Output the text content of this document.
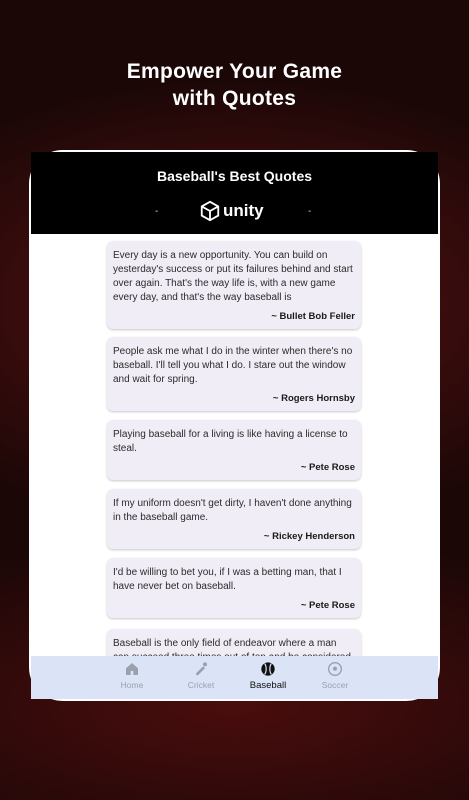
Empower Your Game
with Quotes
Baseball's Best Quotes
-	unity	-
Every day is a new opportunity. You can build on yesterday's success or put its failures behind and start over again. That's the way life is, with a new game every day, and that's the way baseball is
~ Bullet Bob Feller
People ask me what I do in the winter when there's no baseball. I'll tell you what I do. I stare out the window and wait for spring.
~ Rogers Hornsby
Playing baseball for a living is like having a license to steal.
~ Pete Rose
If my uniform doesn't get dirty, I haven't done anything in the baseball game.
~ Rickey Henderson
I'd be willing to bet you, if I was a betting man, that I have never bet on baseball.
~ Pete Rose
Baseball is the only field of endeavor where a man
Home	Cricket	Baseball	Soccer
